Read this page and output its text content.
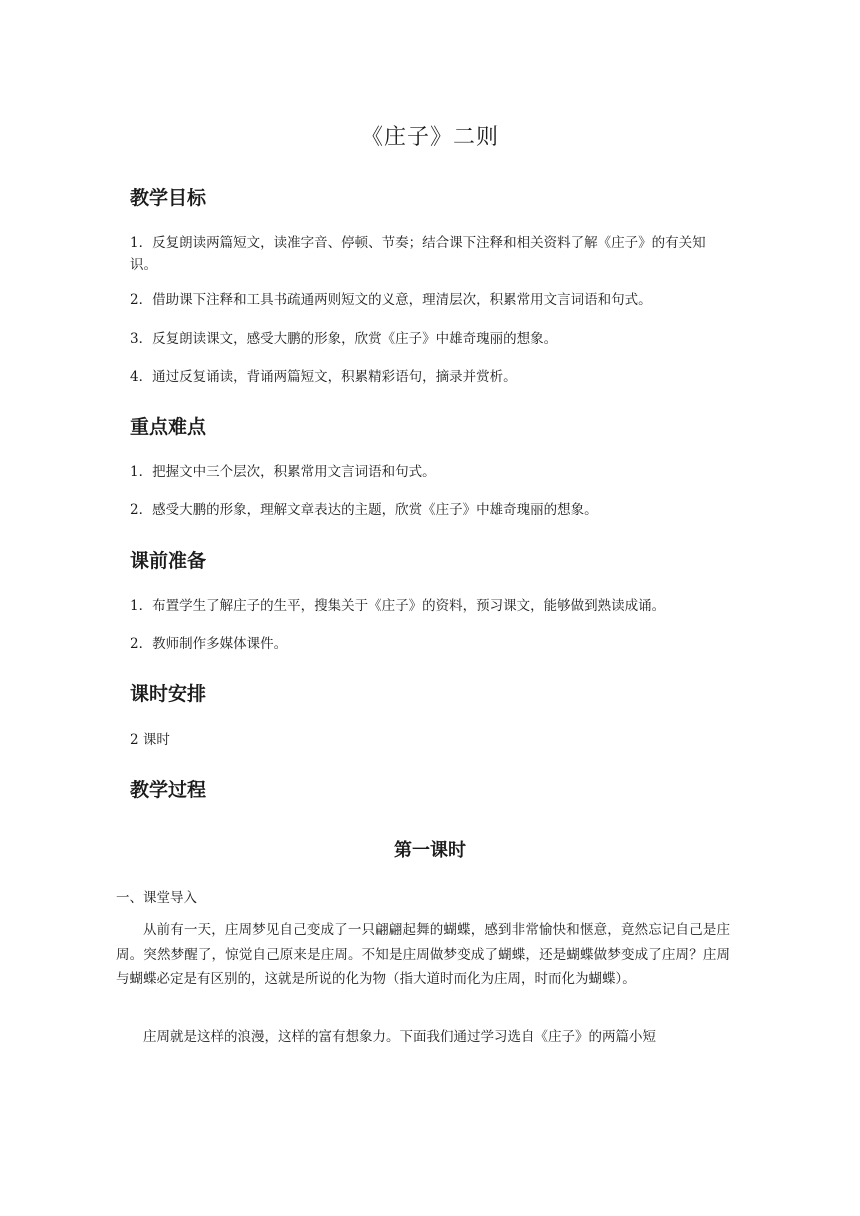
《庄子》二则
教学目标

1．反复朗读两篇短文，读准字音、停顿、节奏；结合课下注释和相关资料了解《庄子》的有关知识。

2．借助课下注释和工具书疏通两则短文的义意，理清层次，积累常用文言词语和句式。

3．反复朗读课文，感受大鹏的形象，欣赏《庄子》中雄奇瑰丽的想象。

4．通过反复诵读，背诵两篇短文，积累精彩语句，摘录并赏析。

重点难点

1．把握文中三个层次，积累常用文言词语和句式。

2．感受大鹏的形象，理解文章表达的主题，欣赏《庄子》中雄奇瑰丽的想象。

课前准备

1．布置学生了解庄子的生平，搜集关于《庄子》的资料，预习课文，能够做到熟读成诵。

2．教师制作多媒体课件。

课时安排

2 课时

教学过程
第一课时

一、课堂导入

从前有一天，庄周梦见自己变成了一只翩翩起舞的蝴蝶，感到非常愉快和惬意，竟然忘记自己是庄周。突然梦醒了，惊觉自己原来是庄周。不知是庄周做梦变成了蝴蝶，还是蝴蝶做梦变成了庄周？庄周与蝴蝶必定是有区别的，这就是所说的化为物（指大道时而化为庄周，时而化为蝴蝶）。

庄周就是这样的浪漫，这样的富有想象力。下面我们通过学习选自《庄子》的两篇小短
